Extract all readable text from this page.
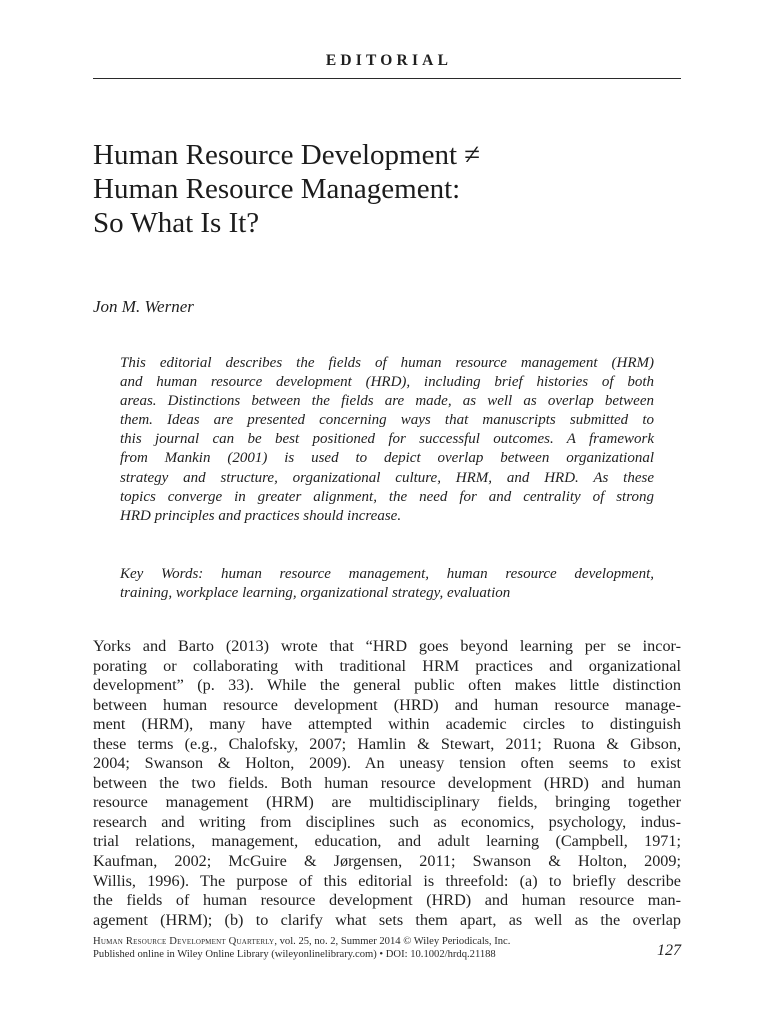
EDITORIAL
Human Resource Development ≠
Human Resource Management:
So What Is It?
Jon M. Werner
This editorial describes the fields of human resource management (HRM)
and human resource development (HRD), including brief histories of both
areas. Distinctions between the fields are made, as well as overlap between
them. Ideas are presented concerning ways that manuscripts submitted to
this journal can be best positioned for successful outcomes. A framework
from Mankin (2001) is used to depict overlap between organizational
strategy and structure, organizational culture, HRM, and HRD. As these
topics converge in greater alignment, the need for and centrality of strong
HRD principles and practices should increase.
Key Words: human resource management, human resource development,
training, workplace learning, organizational strategy, evaluation
Yorks and Barto (2013) wrote that “HRD goes beyond learning per se incor-
porating or collaborating with traditional HRM practices and organizational
development” (p. 33). While the general public often makes little distinction
between human resource development (HRD) and human resource manage-
ment (HRM), many have attempted within academic circles to distinguish
these terms (e.g., Chalofsky, 2007; Hamlin & Stewart, 2011; Ruona & Gibson,
2004; Swanson & Holton, 2009). An uneasy tension often seems to exist
between the two fields. Both human resource development (HRD) and human
resource management (HRM) are multidisciplinary fields, bringing together
research and writing from disciplines such as economics, psychology, indus-
trial relations, management, education, and adult learning (Campbell, 1971;
Kaufman, 2002; McGuire & Jørgensen, 2011; Swanson & Holton, 2009;
Willis, 1996). The purpose of this editorial is threefold: (a) to briefly describe
the fields of human resource development (HRD) and human resource man-
agement (HRM); (b) to clarify what sets them apart, as well as the overlap
Human Resource Development Quarterly, vol. 25, no. 2, Summer 2014 © Wiley Periodicals, Inc.
Published online in Wiley Online Library (wileyonlinelibrary.com) • DOI: 10.1002/hrdq.21188	127
